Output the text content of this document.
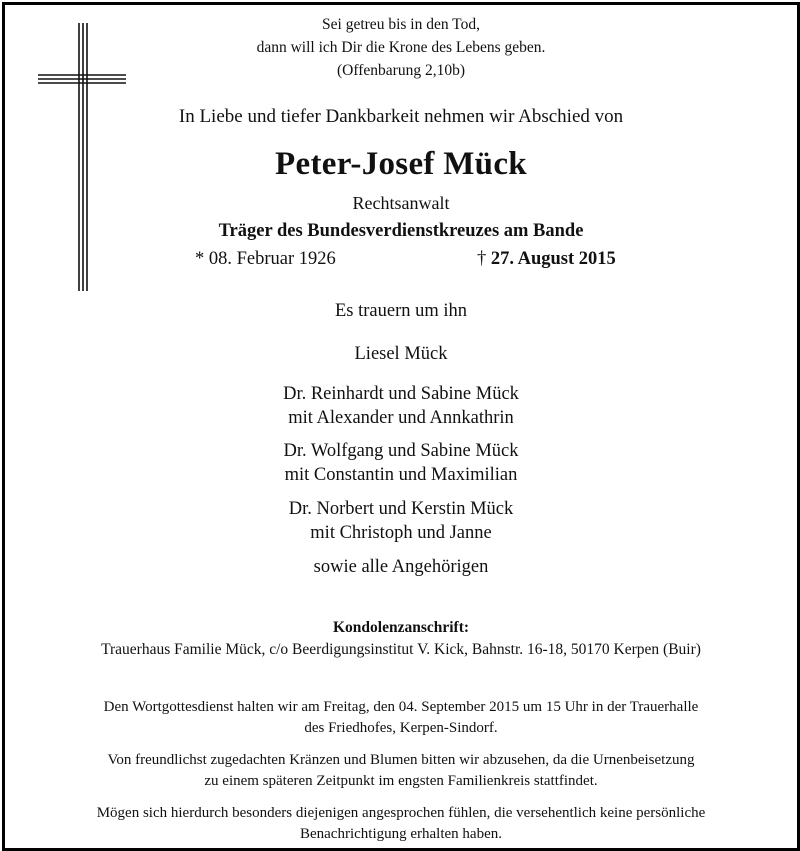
Sei getreu bis in den Tod,
dann will ich Dir die Krone des Lebens geben.
(Offenbarung 2,10b)
In Liebe und tiefer Dankbarkeit nehmen wir Abschied von
Peter-Josef Mück
Rechtsanwalt
Träger des Bundesverdienstkreuzes am Bande
* 08. Februar 1926	† 27. August 2015
Es trauern um ihn
Liesel Mück
Dr. Reinhardt und Sabine Mück
mit Alexander und Annkathrin
Dr. Wolfgang und Sabine Mück
mit Constantin und Maximilian
Dr. Norbert und Kerstin Mück
mit Christoph und Janne
sowie alle Angehörigen
Kondolenzanschrift:
Trauerhaus Familie Mück, c/o Beerdigungsinstitut V. Kick, Bahnstr. 16-18, 50170 Kerpen (Buir)
Den Wortgottesdienst halten wir am Freitag, den 04. September 2015 um 15 Uhr in der Trauerhalle
des Friedhofes, Kerpen-Sindorf.
Von freundlichst zugedachten Kränzen und Blumen bitten wir abzusehen, da die Urnenbeisetzung
zu einem späteren Zeitpunkt im engsten Familienkreis stattfindet.
Mögen sich hierdurch besonders diejenigen angesprochen fühlen, die versehentlich keine persönliche
Benachrichtigung erhalten haben.
